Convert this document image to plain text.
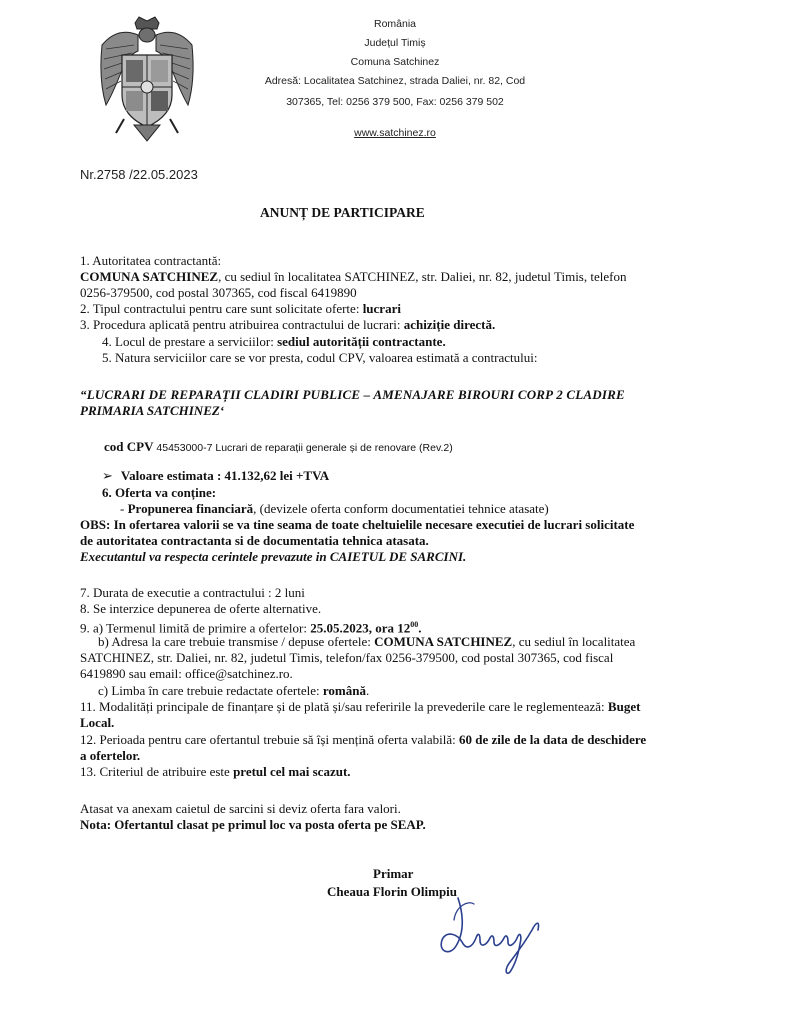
România
Județul Timiș
Comuna Satchinez
Adresă: Localitatea Satchinez, strada Daliei, nr. 82, Cod
307365, Tel: 0256 379 500, Fax: 0256 379 502
www.satchinez.ro
Nr.2758 /22.05.2023
ANUNȚ DE PARTICIPARE
1. Autoritatea contractantă:
COMUNA SATCHINEZ, cu sediul în localitatea SATCHINEZ, str. Daliei, nr. 82, judetul Timis, telefon
0256-379500, cod postal 307365, cod fiscal 6419890
2. Tipul contractului pentru care sunt solicitate oferte: lucrari
3. Procedura aplicată pentru atribuirea contractului de lucrari: achiziție directă.
4. Locul de prestare a serviciilor: sediul autorității contractante.
5. Natura serviciilor care se vor presta, codul CPV, valoarea estimată a contractului:
“LUCRARI DE REPARAȚII CLADIRI PUBLICE – AMENAJARE BIROURI CORP 2 CLADIRE
PRIMARIA SATCHINEZ‘
cod CPV 45453000-7 Lucrari de reparații generale și de renovare (Rev.2)
➢ Valoare estimata : 41.132,62 lei +TVA
6. Oferta va conține:
- Propunerea financiară, (devizele oferta conform documentatiei tehnice atasate)
OBS: In ofertarea valorii se va tine seama de toate cheltuielile necesare executiei de lucrari solicitate
de autoritatea contractanta si de documentatia tehnica atasata.
Executantul va respecta cerintele prevazute in CAIETUL DE SARCINI.
7. Durata de executie a contractului : 2 luni
8. Se interzice depunerea de oferte alternative.
9. a) Termenul limită de primire a ofertelor: 25.05.2023, ora $12^{00}$.
b) Adresa la care trebuie transmise / depuse ofertele: COMUNA SATCHINEZ, cu sediul în localitatea
SATCHINEZ, str. Daliei, nr. 82, judetul Timis, telefon/fax 0256-379500, cod postal 307365, cod fiscal
6419890 sau email: office@satchinez.ro.
c) Limba în care trebuie redactate ofertele: română.
11. Modalități principale de finanțare și de plată și/sau referirile la prevederile care le reglementează: Buget
Local.
12. Perioada pentru care ofertantul trebuie să își mențină oferta valabilă: 60 de zile de la data de deschidere
a ofertelor.
13. Criteriul de atribuire este pretul cel mai scazut.
Atasat va anexam caietul de sarcini si deviz oferta fara valori.
Nota: Ofertantul clasat pe primul loc va posta oferta pe SEAP.
Primar
Cheaua Florin Olimpiu
